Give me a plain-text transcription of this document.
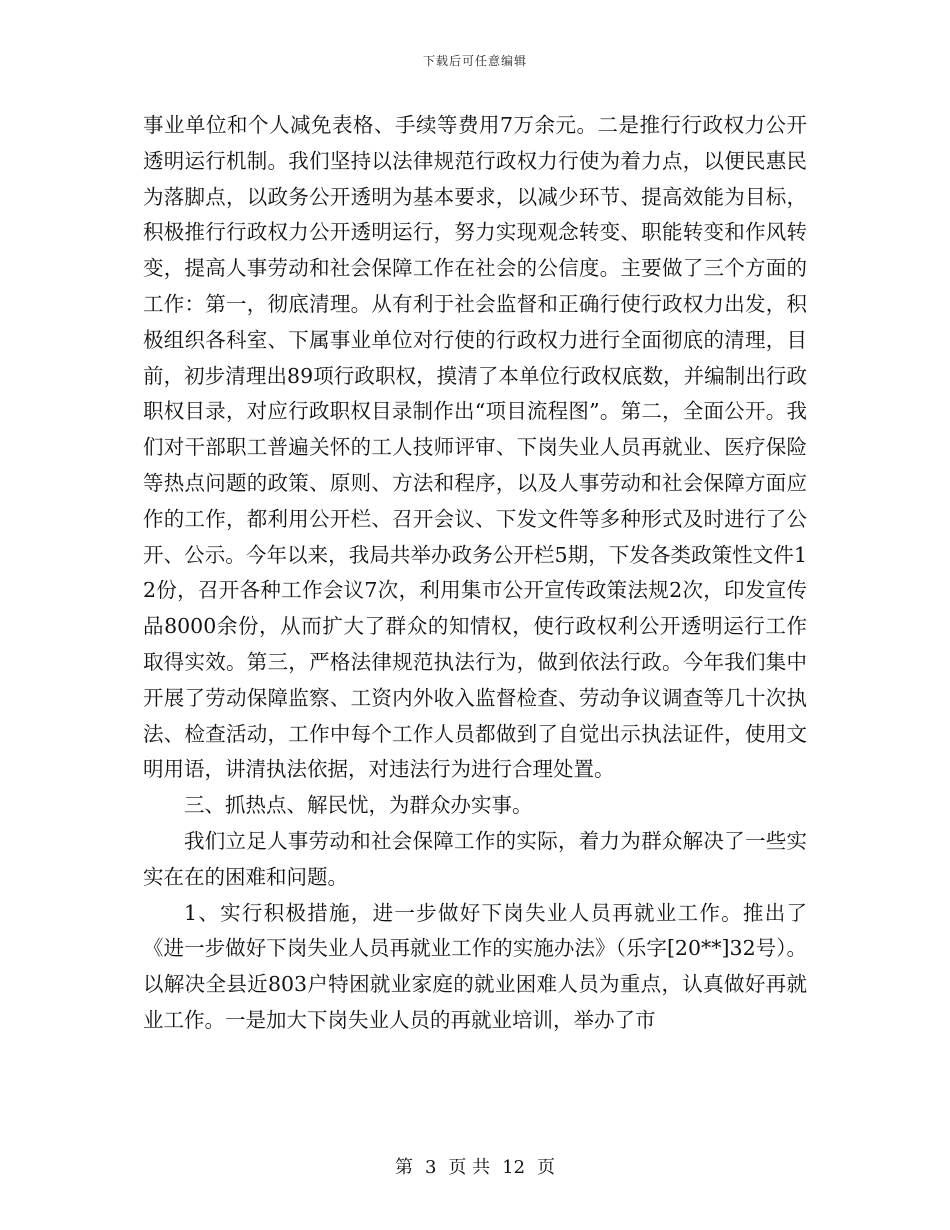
下载后可任意编辑

事业单位和个人减免表格、手续等费用7万余元。二是推行行政权力公开透明运行机制。我们坚持以法律规范行政权力行使为着力点，以便民惠民为落脚点，以政务公开透明为基本要求，以减少环节、提高效能为目标，积极推行行政权力公开透明运行，努力实现观念转变、职能转变和作风转变，提高人事劳动和社会保障工作在社会的公信度。主要做了三个方面的工作：第一，彻底清理。从有利于社会监督和正确行使行政权力出发，积极组织各科室、下属事业单位对行使的行政权力进行全面彻底的清理，目前，初步清理出89项行政职权，摸清了本单位行政权底数，并编制出行政职权目录，对应行政职权目录制作出“项目流程图”。第二，全面公开。我们对干部职工普遍关怀的工人技师评审、下岗失业人员再就业、医疗保险等热点问题的政策、原则、方法和程序，以及人事劳动和社会保障方面应作的工作，都利用公开栏、召开会议、下发文件等多种形式及时进行了公开、公示。今年以来，我局共举办政务公开栏5期，下发各类政策性文件12份，召开各种工作会议7次，利用集市公开宣传政策法规2次，印发宣传品8000余份，从而扩大了群众的知情权，使行政权利公开透明运行工作取得实效。第三，严格法律规范执法行为，做到依法行政。今年我们集中开展了劳动保障监察、工资内外收入监督检查、劳动争议调查等几十次执法、检查活动，工作中每个工作人员都做到了自觉出示执法证件，使用文明用语，讲清执法依据，对违法行为进行合理处置。

三、抓热点、解民忧，为群众办实事。

我们立足人事劳动和社会保障工作的实际，着力为群众解决了一些实实在在的困难和问题。

1、实行积极措施，进一步做好下岗失业人员再就业工作。推出了《进一步做好下岗失业人员再就业工作的实施办法》（乐字[20**]32号）。以解决全县近803户特困就业家庭的就业困难人员为重点，认真做好再就业工作。一是加大下岗失业人员的再就业培训，举办了市

第 3 页 共 12 页
